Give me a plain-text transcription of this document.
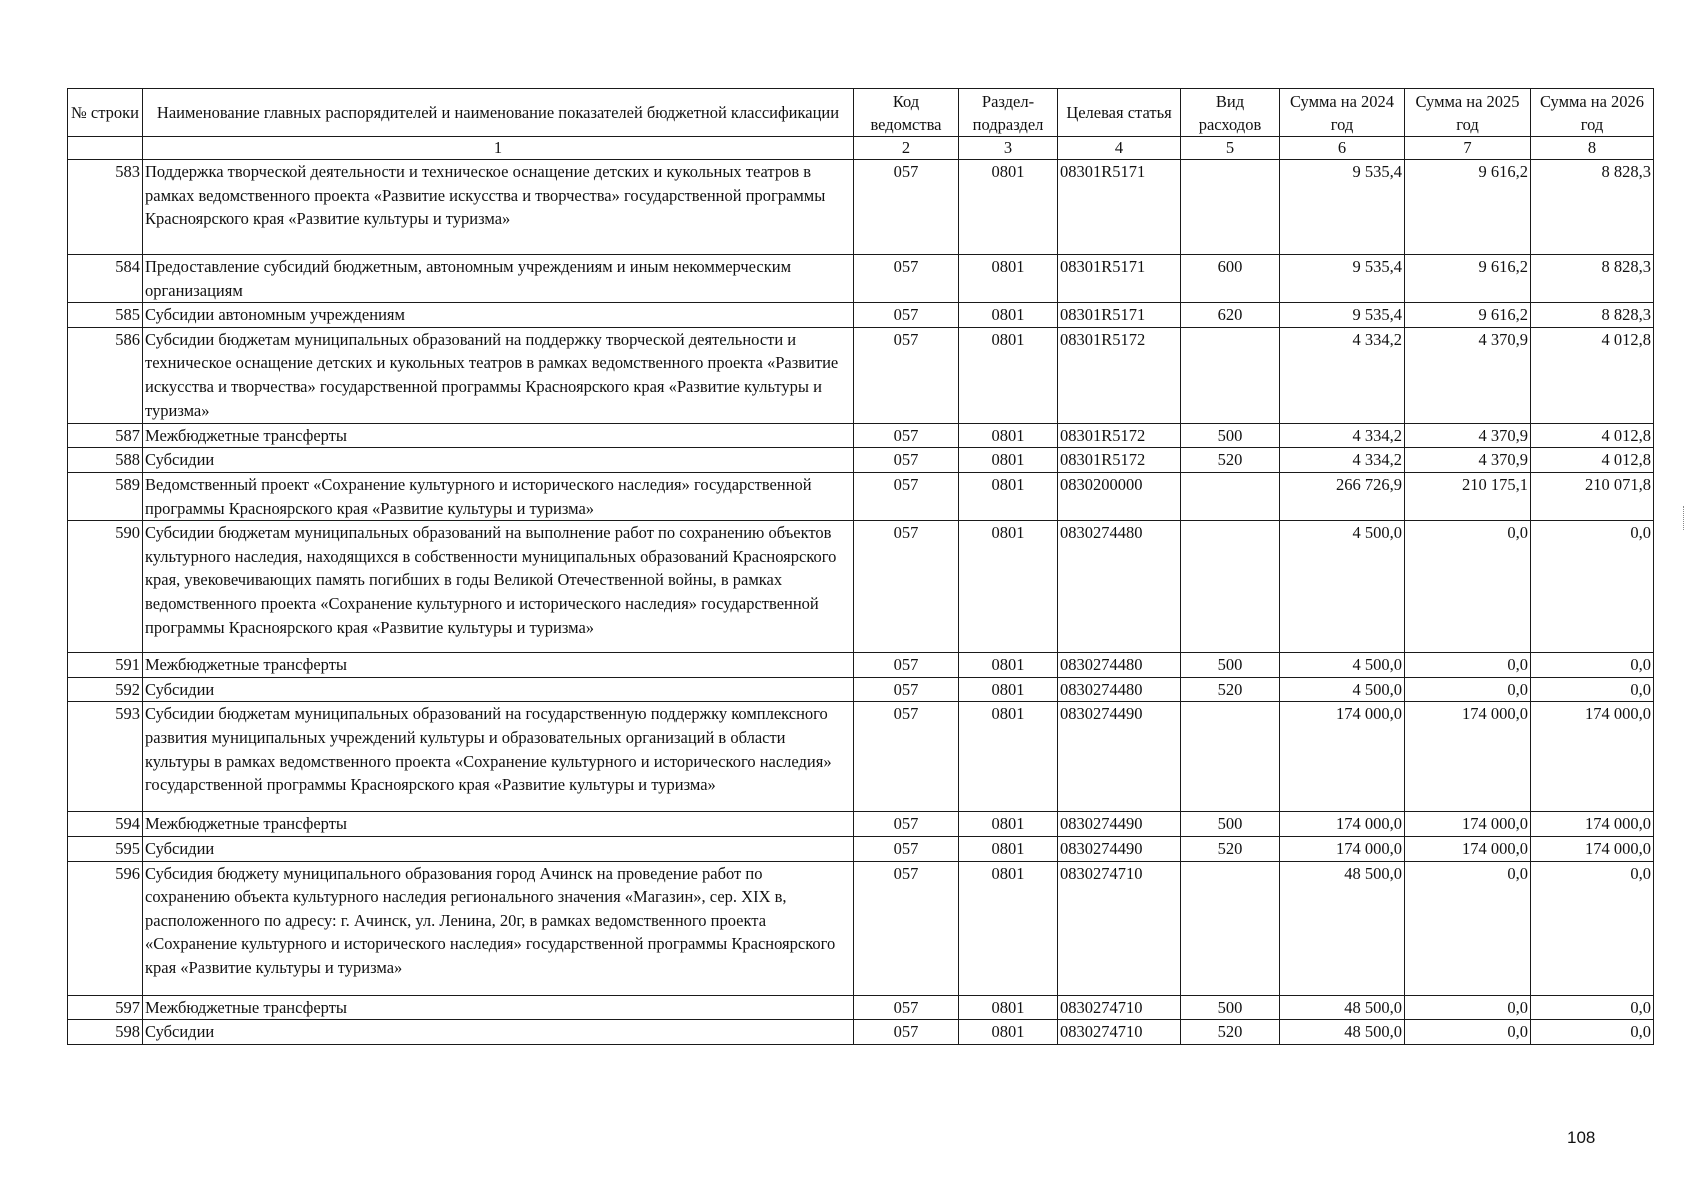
№ строки	Наименование главных распорядителей и наименование показателей бюджетной классификации	Код ведомства	Раздел- подраздел	Целевая статья	Вид расходов	Сумма на 2024 год	Сумма на 2025 год	Сумма на 2026 год
	1	2	3	4	5	6	7	8
583	Поддержка творческой деятельности и техническое оснащение детских и кукольных театров в рамках ведомственного проекта «Развитие искусства и творчества» государственной программы Красноярского края «Развитие культуры и туризма»	057	0801	08301R5171		9 535,4	9 616,2	8 828,3
584	Предоставление субсидий бюджетным, автономным учреждениям и иным некоммерческим организациям	057	0801	08301R5171	600	9 535,4	9 616,2	8 828,3
585	Субсидии автономным учреждениям	057	0801	08301R5171	620	9 535,4	9 616,2	8 828,3
586	Субсидии бюджетам муниципальных образований на поддержку творческой деятельности и техническое оснащение детских и кукольных театров в рамках ведомственного проекта «Развитие искусства и творчества» государственной программы Красноярского края «Развитие культуры и туризма»	057	0801	08301R5172		4 334,2	4 370,9	4 012,8
587	Межбюджетные трансферты	057	0801	08301R5172	500	4 334,2	4 370,9	4 012,8
588	Субсидии	057	0801	08301R5172	520	4 334,2	4 370,9	4 012,8
589	Ведомственный проект «Сохранение культурного и исторического наследия» государственной программы Красноярского края «Развитие культуры и туризма»	057	0801	0830200000		266 726,9	210 175,1	210 071,8
590	Субсидии бюджетам муниципальных образований на выполнение работ по сохранению объектов культурного наследия, находящихся в собственности муниципальных образований Красноярского края, увековечивающих память погибших в годы Великой Отечественной войны, в рамках ведомственного проекта «Сохранение культурного и исторического наследия» государственной программы Красноярского края «Развитие культуры и туризма»	057	0801	0830274480		4 500,0	0,0	0,0
591	Межбюджетные трансферты	057	0801	0830274480	500	4 500,0	0,0	0,0
592	Субсидии	057	0801	0830274480	520	4 500,0	0,0	0,0
593	Субсидии бюджетам муниципальных образований на государственную поддержку комплексного развития муниципальных учреждений культуры и образовательных организаций в области культуры в рамках ведомственного проекта «Сохранение культурного и исторического наследия» государственной программы Красноярского края «Развитие культуры и туризма»	057	0801	0830274490		174 000,0	174 000,0	174 000,0
594	Межбюджетные трансферты	057	0801	0830274490	500	174 000,0	174 000,0	174 000,0
595	Субсидии	057	0801	0830274490	520	174 000,0	174 000,0	174 000,0
596	Субсидия бюджету муниципального образования город Ачинск на проведение работ по сохранению объекта культурного наследия регионального значения «Магазин», сер. XIX в, расположенного по адресу: г. Ачинск, ул. Ленина, 20г, в рамках ведомственного проекта «Сохранение культурного и исторического наследия» государственной программы Красноярского края «Развитие культуры и туризма»	057	0801	0830274710		48 500,0	0,0	0,0
597	Межбюджетные трансферты	057	0801	0830274710	500	48 500,0	0,0	0,0
598	Субсидии	057	0801	0830274710	520	48 500,0	0,0	0,0
108
